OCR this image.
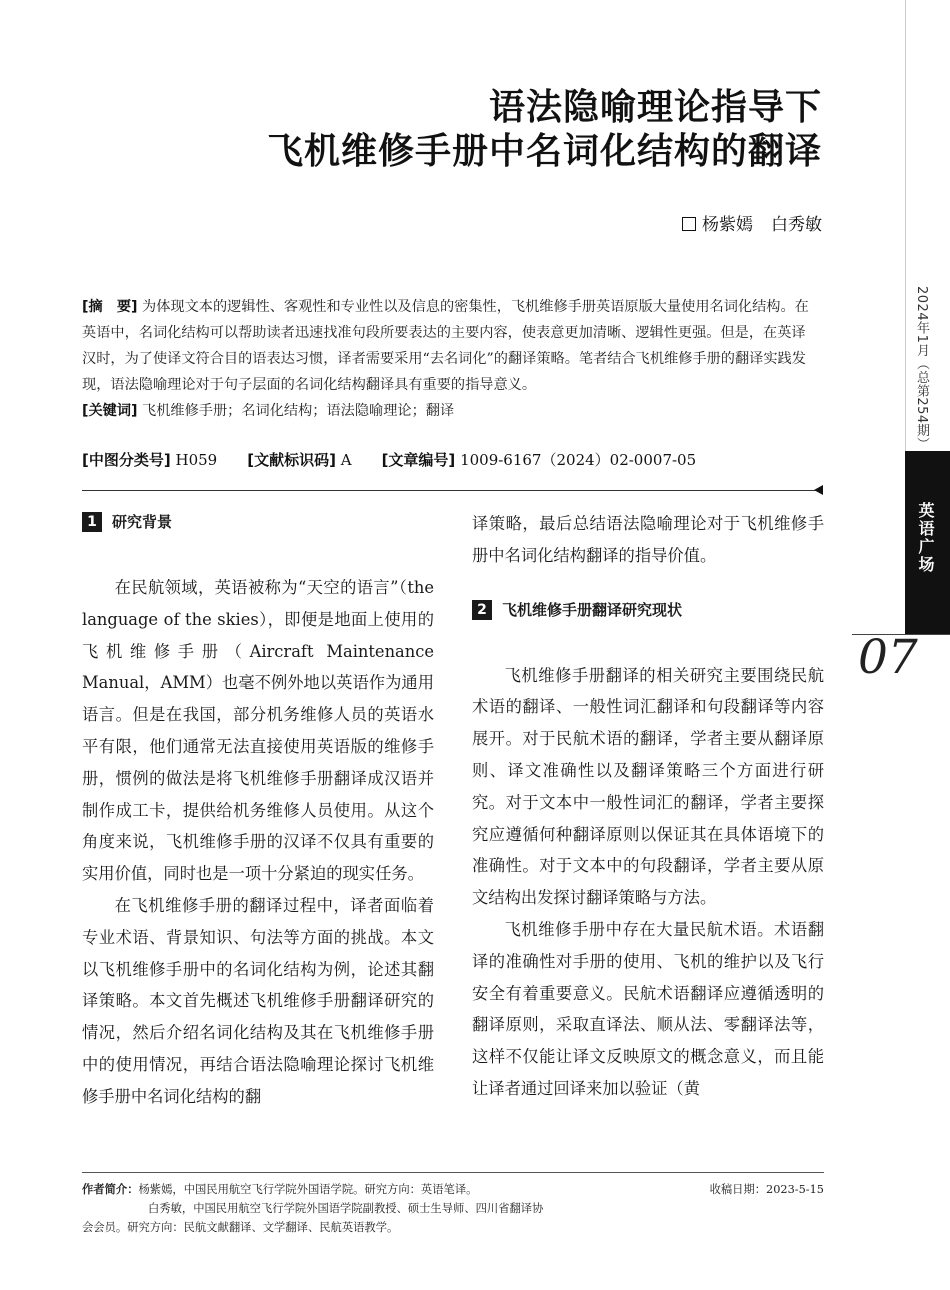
语法隐喻理论指导下
飞机维修手册中名词化结构的翻译
杨紫嫣 白秀敏
[摘　要] 为体现文本的逻辑性、客观性和专业性以及信息的密集性，飞机维修手册英语原版大量使用名词化结构。在英语中，名词化结构可以帮助读者迅速找准句段所要表达的主要内容，使表意更加清晰、逻辑性更强。但是，在英译汉时，为了使译文符合目的语表达习惯，译者需要采用“去名词化”的翻译策略。笔者结合飞机维修手册的翻译实践发现，语法隐喻理论对于句子层面的名词化结构翻译具有重要的指导意义。
[关键词] 飞机维修手册；名词化结构；语法隐喻理论；翻译
[中图分类号] H059 [文献标识码] A [文章编号] 1009-6167（2024）02-0007-05
1 研究背景

在民航领域，英语被称为“天空的语言”（the language of the skies），即便是地面上使用的飞机维修手册（Aircraft Maintenance Manual，AMM）也毫不例外地以英语作为通用语言。但是在我国，部分机务维修人员的英语水平有限，他们通常无法直接使用英语版的维修手册，惯例的做法是将飞机维修手册翻译成汉语并制作成工卡，提供给机务维修人员使用。从这个角度来说，飞机维修手册的汉译不仅具有重要的实用价值，同时也是一项十分紧迫的现实任务。

在飞机维修手册的翻译过程中，译者面临着专业术语、背景知识、句法等方面的挑战。本文以飞机维修手册中的名词化结构为例，论述其翻译策略。本文首先概述飞机维修手册翻译研究的情况，然后介绍名词化结构及其在飞机维修手册中的使用情况，再结合语法隐喻理论探讨飞机维修手册中名词化结构的翻

译策略，最后总结语法隐喻理论对于飞机维修手册中名词化结构翻译的指导价值。

2 飞机维修手册翻译研究现状

飞机维修手册翻译的相关研究主要围绕民航术语的翻译、一般性词汇翻译和句段翻译等内容展开。对于民航术语的翻译，学者主要从翻译原则、译文准确性以及翻译策略三个方面进行研究。对于文本中一般性词汇的翻译，学者主要探究应遵循何种翻译原则以保证其在具体语境下的准确性。对于文本中的句段翻译，学者主要从原文结构出发探讨翻译策略与方法。

飞机维修手册中存在大量民航术语。术语翻译的准确性对手册的使用、飞机的维护以及飞行安全有着重要意义。民航术语翻译应遵循透明的翻译原则，采取直译法、顺从法、零翻译法等，这样不仅能让译文反映原文的概念意义，而且能让译者通过回译来加以验证（黄

2024年1月（总第254期）
英语广场
07
作者简介：杨紫嫣，中国民用航空飞行学院外国语学院。研究方向：英语笔译。
白秀敏，中国民用航空飞行学院外国语学院副教授、硕士生导师、四川省翻译协
会会员。研究方向：民航文献翻译、文学翻译、民航英语教学。
收稿日期：2023-5-15
